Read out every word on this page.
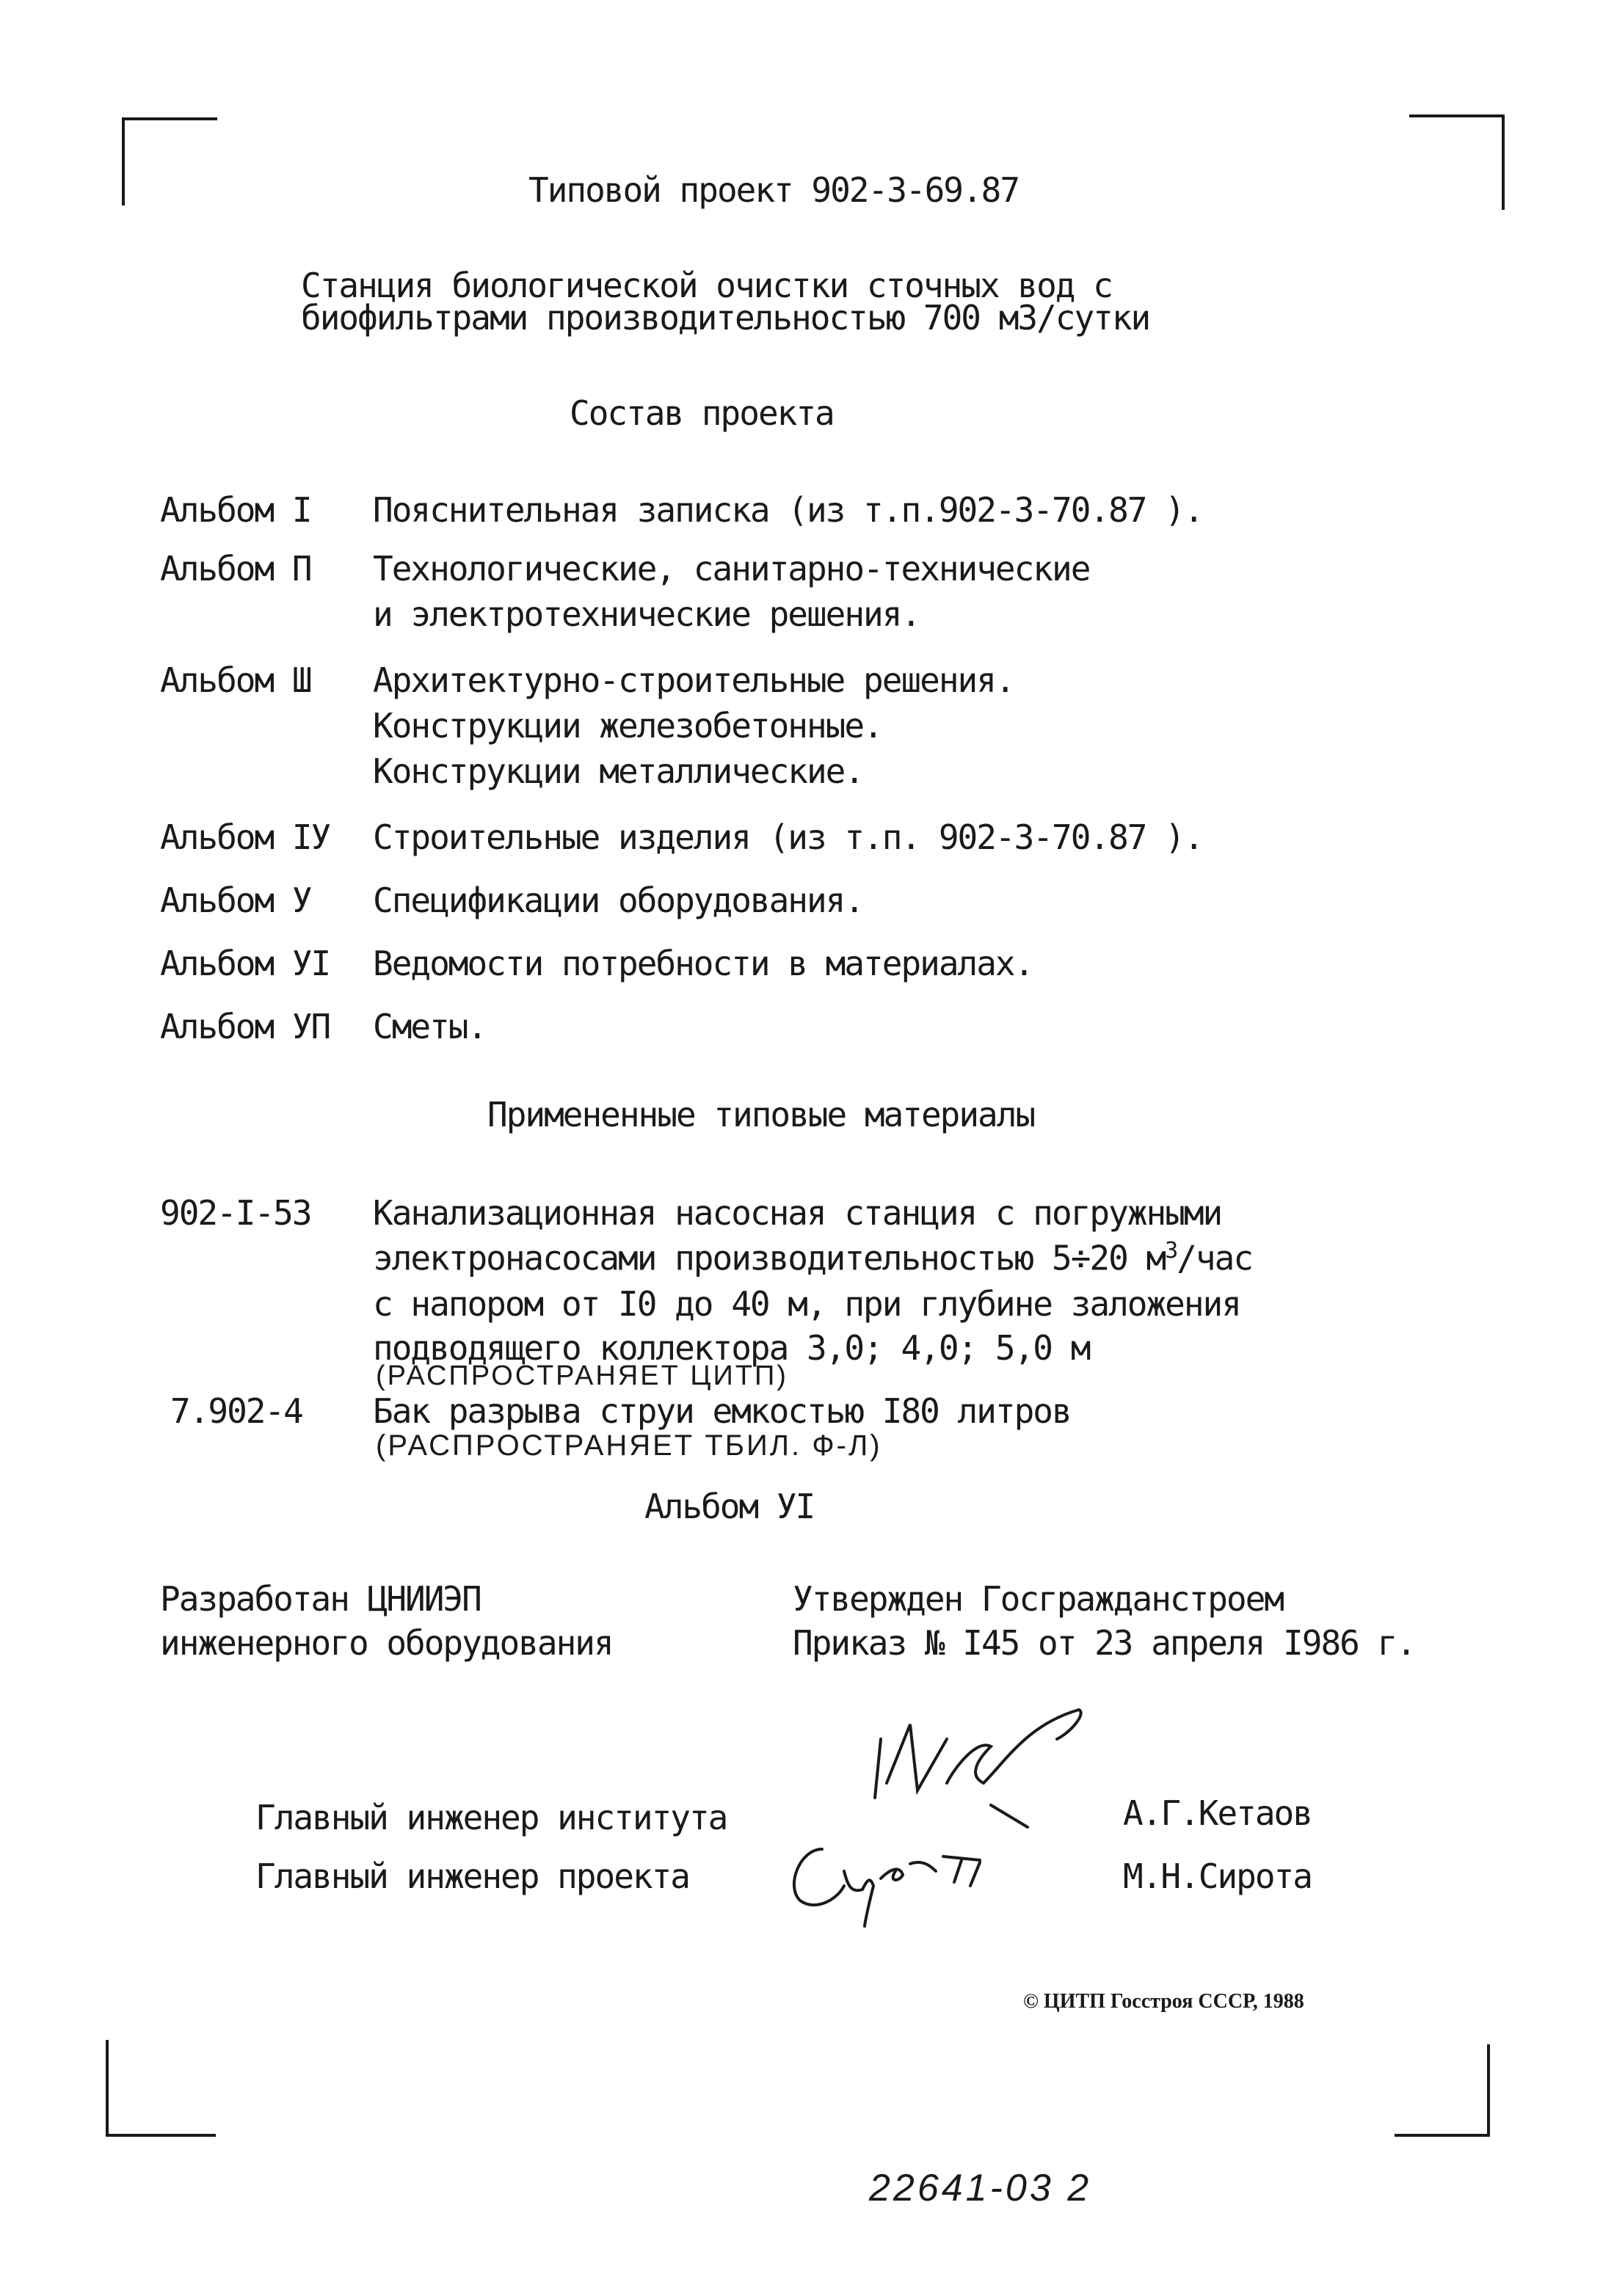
Типовой проект 902-3-69.87
Станция биологической очистки сточных вод с
биофильтрами производительностью 700 м3/сутки
Состав проекта
Альбом I Пояснительная записка (из т.п.902-3-70.87 ).
Альбом П Технологические, санитарно-технические
и электротехнические решения.
Альбом Ш Архитектурно-строительные решения.
Конструкции железобетонные.
Конструкции металлические.
Альбом IУ Строительные изделия (из т.п. 902-3-70.87 ).
Альбом У Спецификации оборудования.
Альбом УI Ведомости потребности в материалах.
Альбом УП Сметы.
Примененные типовые материалы
902-I-53 Канализационная насосная станция с погружными
электронасосами производительностью 5÷20 $м^3$/час
с напором от I0 до 40 м, при глубине заложения
подводящего коллектора 3,0; 4,0; 5,0 м
(РАСПРОСТРАНЯЕТ ЦИТП)
7.902-4 Бак разрыва струи емкостью I80 литров
(РАСПРОСТРАНЯЕТ ТБИЛ. Ф-Л)
Альбом УI
Разработан ЦНИИЭП
инженерного оборудования
Утвержден Госгражданстроем
Приказ № I45 от 23 апреля I986 г.
Главный инженер института	А.Г.Кетаов
Главный инженер проекта	М.Н.Сирота
© ЦИТП Госстроя СССР, 1988
22641-03 2
